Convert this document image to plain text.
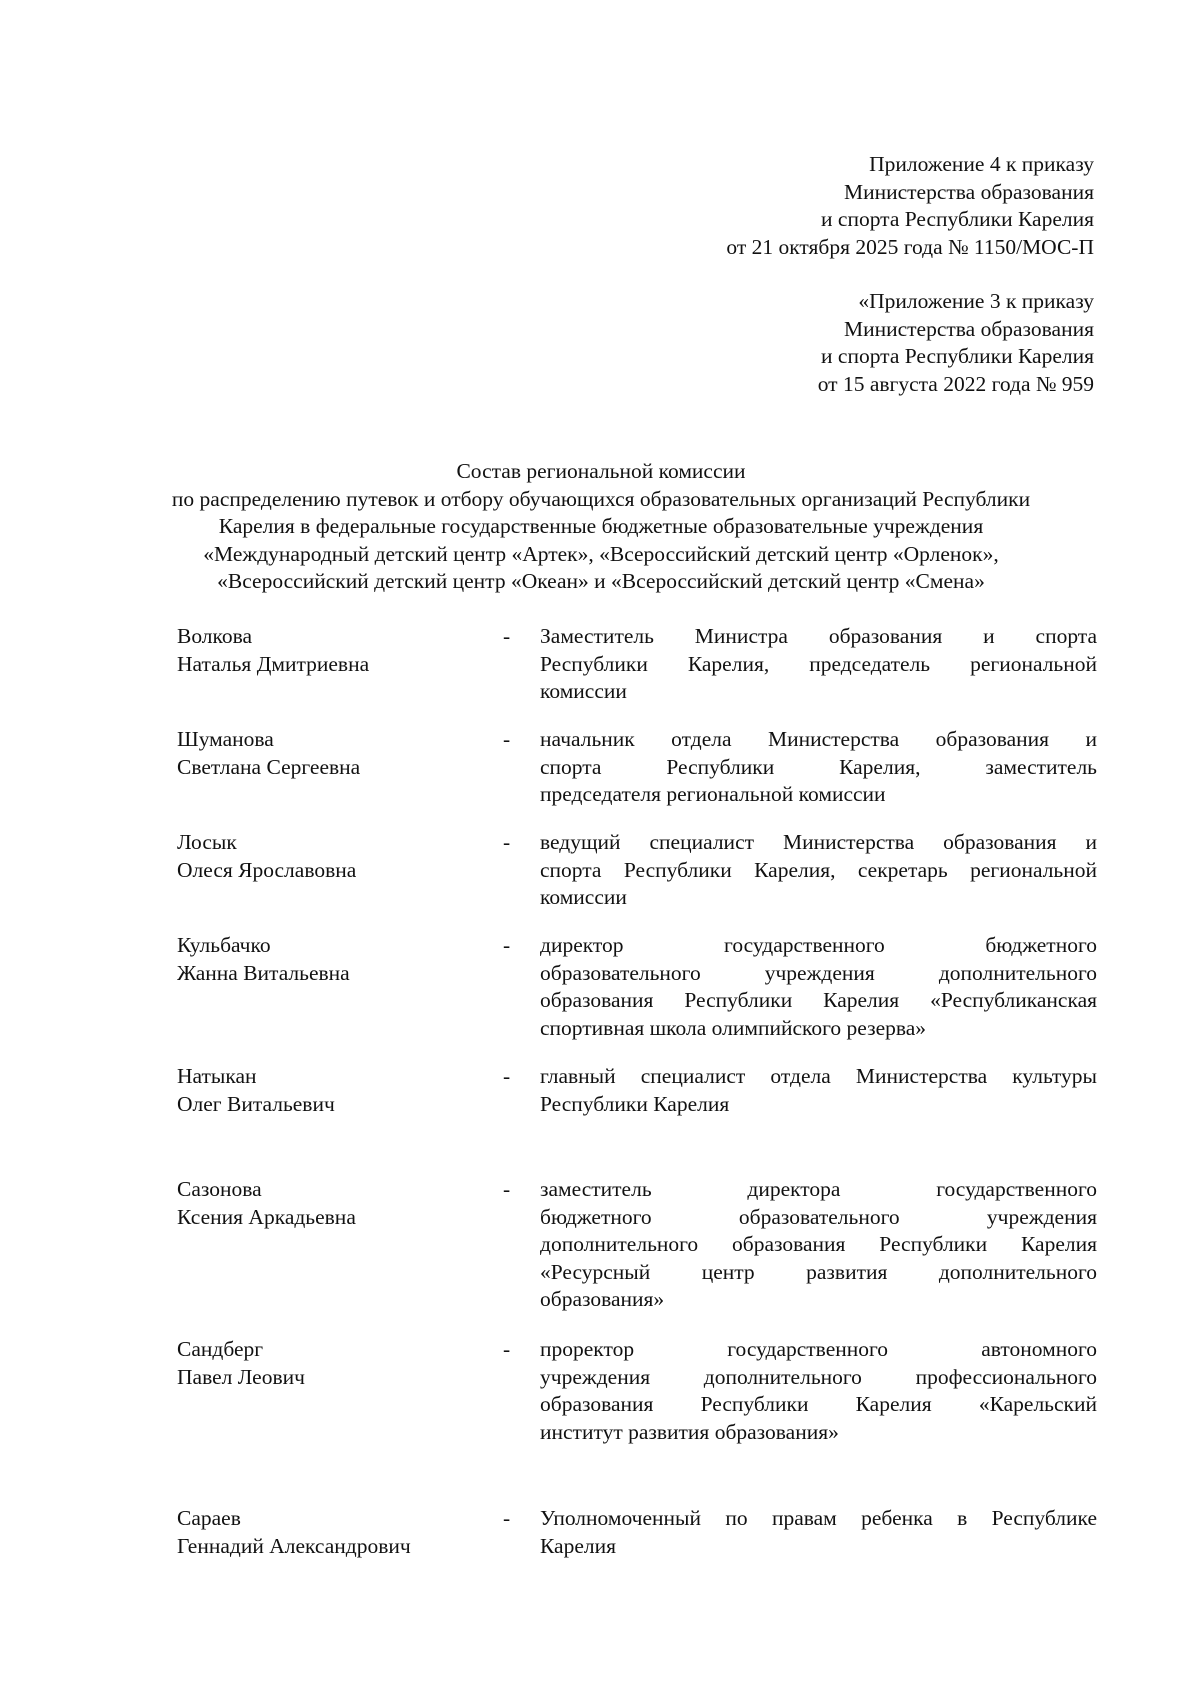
Приложение 4 к приказу
Министерства образования
и спорта Республики Карелия
от 21 октября 2025 года № 1150/МОС-П
«Приложение 3 к приказу
Министерства образования
и спорта Республики Карелия
от 15 августа 2022 года № 959
Состав региональной комиссии
по распределению путевок и отбору обучающихся образовательных организаций Республики
Карелия в федеральные государственные бюджетные образовательные учреждения
«Международный детский центр «Артек», «Всероссийский детский центр «Орленок»,
«Всероссийский детский центр «Океан» и «Всероссийский детский центр «Смена»
Волкова
Наталья Дмитриевна
- Заместитель Министра образования и спорта
Республики Карелия, председатель региональной
комиссии
Шуманова
Светлана Сергеевна
- начальник отдела Министерства образования и
спорта Республики Карелия, заместитель
председателя региональной комиссии
Лосык
Олеся Ярославовна
- ведущий специалист Министерства образования и
спорта Республики Карелия, секретарь региональной
комиссии
Кульбачко
Жанна Витальевна
- директор государственного бюджетного
образовательного учреждения дополнительного
образования Республики Карелия «Республиканская
спортивная школа олимпийского резерва»
Натыкан
Олег Витальевич
- главный специалист отдела Министерства культуры
Республики Карелия
Сазонова
Ксения Аркадьевна
- заместитель директора государственного
бюджетного образовательного учреждения
дополнительного образования Республики Карелия
«Ресурсный центр развития дополнительного
образования»
Сандберг
Павел Леович
- проректор государственного автономного
учреждения дополнительного профессионального
образования Республики Карелия «Карельский
институт развития образования»
Сараев
Геннадий Александрович
- Уполномоченный по правам ребенка в Республике
Карелия
